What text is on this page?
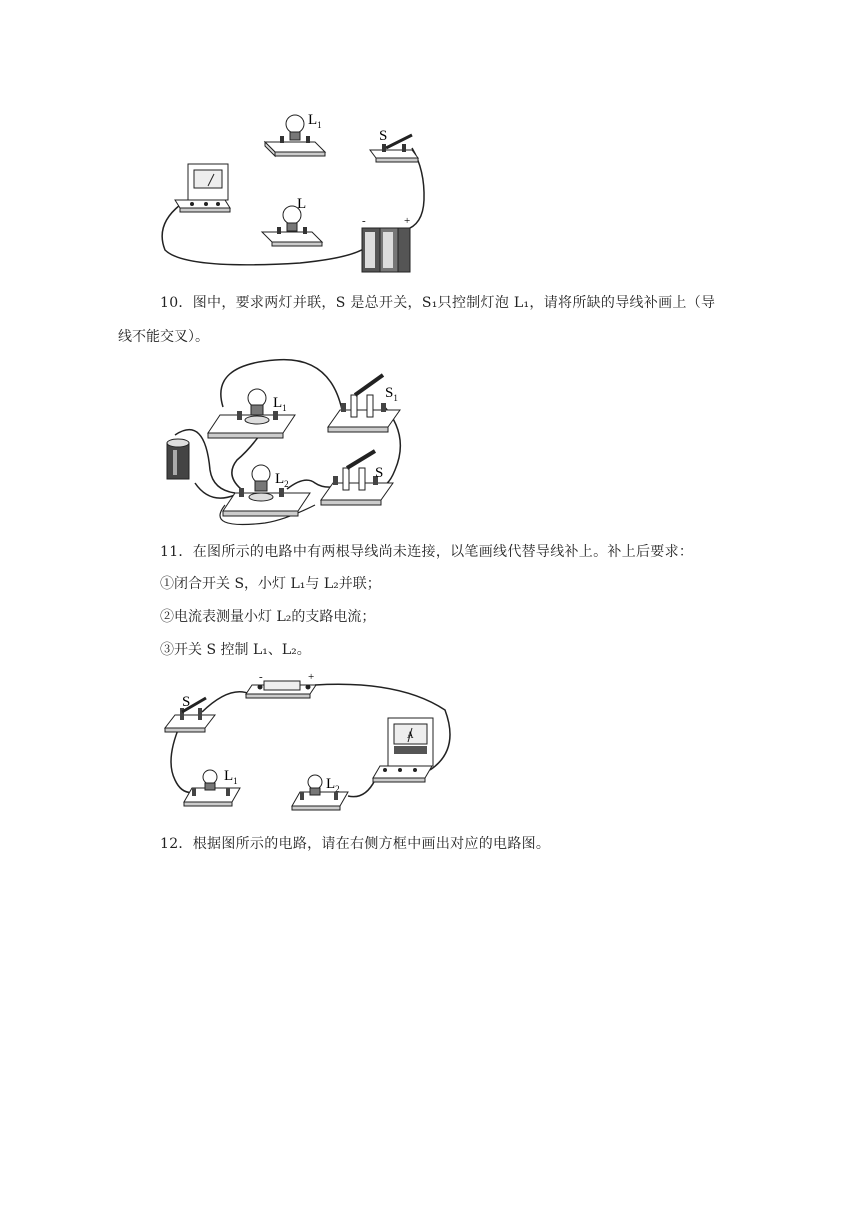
$L_1$
L
S
-	+
10．图中，要求两灯并联，S 是总开关，S₁只控制灯泡 L₁，请将所缺的导线补画上（导
线不能交叉）。
$L_1$
$S_1$
$L_2$
S
11．在图所示的电路中有两根导线尚未连接，以笔画线代替导线补上。补上后要求：
①闭合开关 S，小灯 L₁与 L₂并联；
②电流表测量小灯 L₂的支路电流；
③开关 S 控制 L₁、L₂。
S
-	+
A
$L_1$	$L_2$
12．根据图所示的电路，请在右侧方框中画出对应的电路图。
